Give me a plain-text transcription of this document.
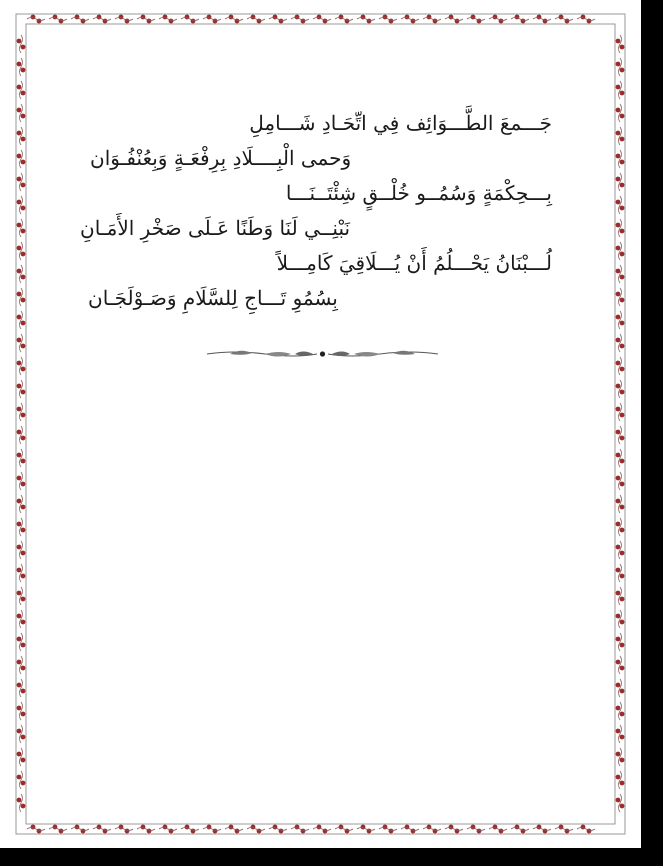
جَـــمعَ الطَّـــوَائِف فِي اتِّحَـادِ شَـــامِلِ
وَحمى الْبِــــلَادِ بِرِفْعَـةٍ وَبِعُنْفُـوَان
بِـــحِكْمَةٍ وَسُمُــو خُلْــقٍ شِئْتَــنَـــا
نَبْنِــي لَنَا وَطَنًا عَـلَى صَخْرِ الأَمَـانِ
لُـــبْنَانُ يَحْـــلُمُ أَنْ يُـــلَاقِيَ كَامِـــلاً
بِسُمُوِ تَـــاجِ لِلسَّلَامِ وَصَـوْلَجَـان
